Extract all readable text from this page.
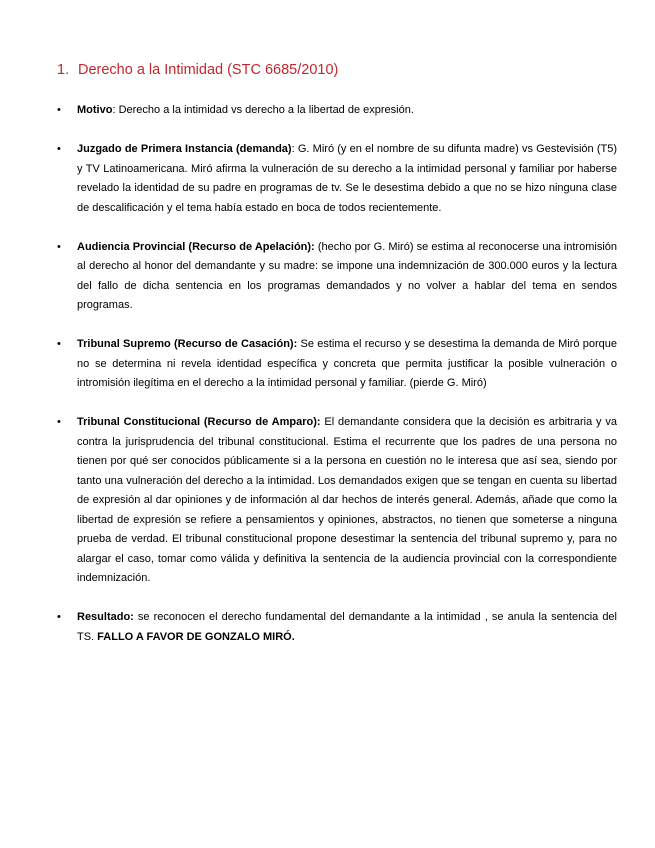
1. Derecho a la Intimidad (STC 6685/2010)
• Motivo: Derecho a la intimidad vs derecho a la libertad de expresión.
• Juzgado de Primera Instancia (demanda): G. Miró (y en el nombre de su difunta madre) vs Gestevisión (T5) y TV Latinoamericana. Miró afirma la vulneración de su derecho a la intimidad personal y familiar por haberse revelado la identidad de su padre en programas de tv. Se le desestima debido a que no se hizo ninguna clase de descalificación y el tema había estado en boca de todos recientemente.
• Audiencia Provincial (Recurso de Apelación): (hecho por G. Miró) se estima al reconocerse una intromisión al derecho al honor del demandante y su madre: se impone una indemnización de 300.000 euros y la lectura del fallo de dicha sentencia en los programas demandados y no volver a hablar del tema en sendos programas.
• Tribunal Supremo (Recurso de Casación): Se estima el recurso y se desestima la demanda de Miró porque no se determina ni revela identidad específica y concreta que permita justificar la posible vulneración o intromisión ilegítima en el derecho a la intimidad personal y familiar. (pierde G. Miró)
• Tribunal Constitucional (Recurso de Amparo): El demandante considera que la decisión es arbitraria y va contra la jurisprudencia del tribunal constitucional. Estima el recurrente que los padres de una persona no tienen por qué ser conocidos públicamente si a la persona en cuestión no le interesa que así sea, siendo por tanto una vulneración del derecho a la intimidad. Los demandados exigen que se tengan en cuenta su libertad de expresión al dar opiniones y de información al dar hechos de interés general. Además, añade que como la libertad de expresión se refiere a pensamientos y opiniones, abstractos, no tienen que someterse a ninguna prueba de verdad. El tribunal constitucional propone desestimar la sentencia del tribunal supremo y, para no alargar el caso, tomar como válida y definitiva la sentencia de la audiencia provincial con la correspondiente indemnización.
• Resultado: se reconocen el derecho fundamental del demandante a la intimidad , se anula la sentencia del TS. FALLO A FAVOR DE GONZALO MIRÓ.
